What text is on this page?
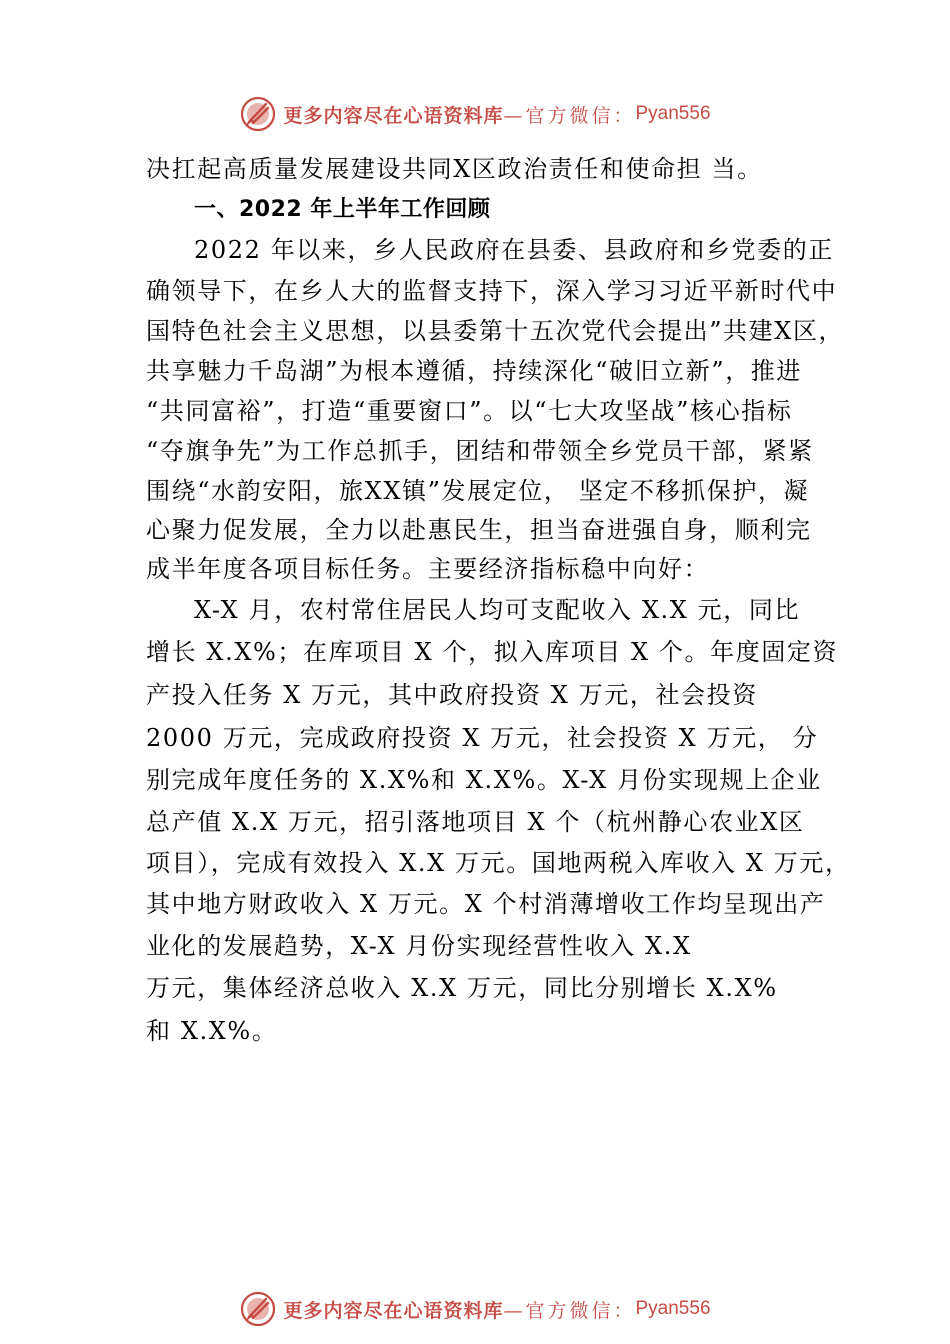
更多内容尽在心语资料库 —官方微信： Pyan556
决扛起高质量发展建设共同X区政治责任和使命担 当。
一、2022 年上半年工作回顾
2022 年以来，乡人民政府在县委、县政府和乡党委的正
确领导下，在乡人大的监督支持下，深入学习习近平新时代中
国特色社会主义思想，以县委第十五次党代会提出”共建X区，
共享魅力千岛湖”为根本遵循，持续深化“破旧立新”，推进
“共同富裕”，打造“重要窗口”。以“七大攻坚战”核心指标
“夺旗争先”为工作总抓手，团结和带领全乡党员干部，紧紧
围绕“水韵安阳，旅XX镇”发展定位， 坚定不移抓保护，凝
心聚力促发展，全力以赴惠民生，担当奋进强自身，顺利完
成半年度各项目标任务。主要经济指标稳中向好：
X-X 月，农村常住居民人均可支配收入 X.X 元，同比
增长 X.X%；在库项目 X 个，拟入库项目 X 个。年度固定资
产投入任务 X 万元，其中政府投资 X 万元，社会投资
2000 万元，完成政府投资 X 万元，社会投资 X 万元， 分
别完成年度任务的 X.X%和 X.X%。X-X 月份实现规上企业
总产值 X.X 万元，招引落地项目 X 个（杭州静心农业X区
项目），完成有效投入 X.X 万元。国地两税入库收入 X 万元，
其中地方财政收入 X 万元。X 个村消薄增收工作均呈现出产
业化的发展趋势，X-X 月份实现经营性收入 X.X
万元，集体经济总收入 X.X 万元，同比分别增长 X.X%
和 X.X%。
更多内容尽在心语资料库 —官方微信： Pyan556
